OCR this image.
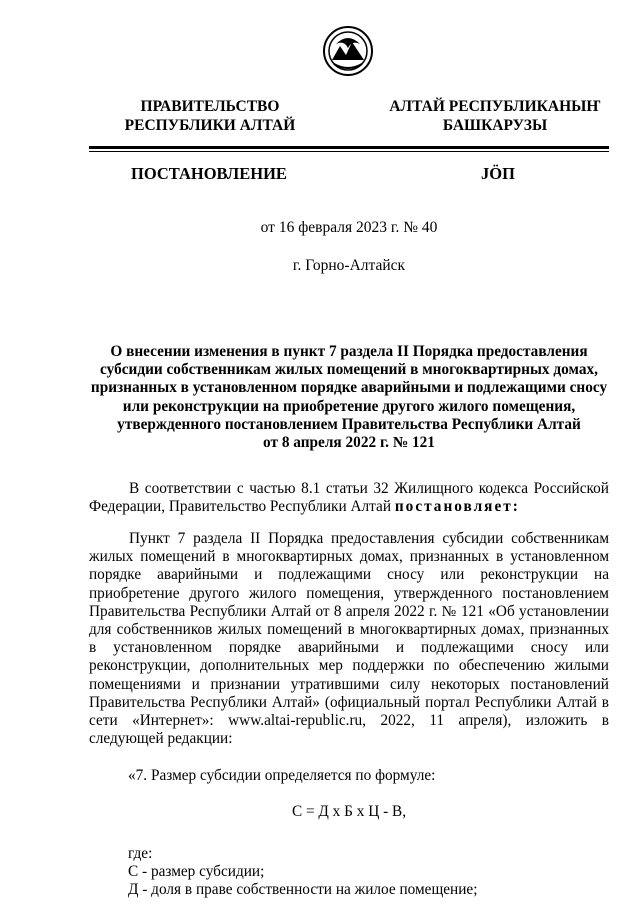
ПРАВИТЕЛЬСТВО
РЕСПУБЛИКИ АЛТАЙ
АЛТАЙ РЕСПУБЛИКАНЫҤ
БАШКАРУЗЫ
ПОСТАНОВЛЕНИЕ	JÖП
от 16 февраля 2023 г. № 40
г. Горно-Алтайск
О внесении изменения в пункт 7 раздела II Порядка предоставления
субсидии собственникам жилых помещений в многоквартирных домах,
признанных в установленном порядке аварийными и подлежащими сносу
или реконструкции на приобретение другого жилого помещения,
утвержденного постановлением Правительства Республики Алтай
от 8 апреля 2022 г. № 121
В соответствии с частью 8.1 статьи 32 Жилищного кодекса Российской Федерации, Правительство Республики Алтай постановляет:
Пункт 7 раздела II Порядка предоставления субсидии собственникам жилых помещений в многоквартирных домах, признанных в установленном порядке аварийными и подлежащими сносу или реконструкции на приобретение другого жилого помещения, утвержденного постановлением Правительства Республики Алтай от 8 апреля 2022 г. № 121 «Об установлении для собственников жилых помещений в многоквартирных домах, признанных в установленном порядке аварийными и подлежащими сносу или реконструкции, дополнительных мер поддержки по обеспечению жилыми помещениями и признании утратившими силу некоторых постановлений Правительства Республики Алтай» (официальный портал Республики Алтай в сети «Интернет»: www.altai-republic.ru, 2022, 11 апреля), изложить в следующей редакции:
«7. Размер субсидии определяется по формуле:
С = Д х Б х Ц - В,
где:
С - размер субсидии;
Д - доля в праве собственности на жилое помещение;
